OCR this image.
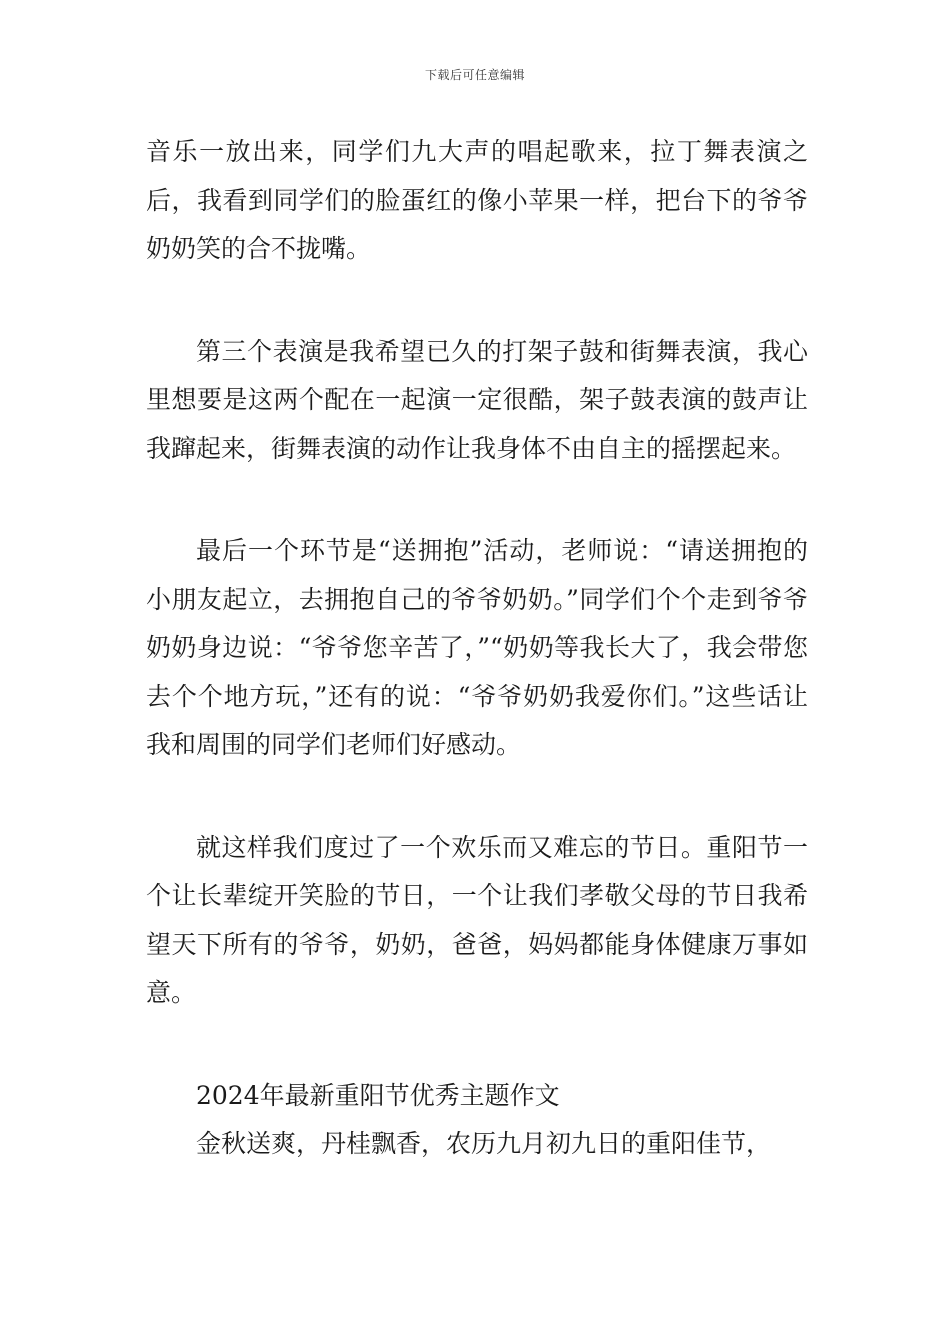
下载后可任意编辑

音乐一放出来，同学们九大声的唱起歌来，拉丁舞表演之后，我看到同学们的脸蛋红的像小苹果一样，把台下的爷爷奶奶笑的合不拢嘴。

第三个表演是我希望已久的打架子鼓和街舞表演，我心里想要是这两个配在一起演一定很酷，架子鼓表演的鼓声让我蹿起来，街舞表演的动作让我身体不由自主的摇摆起来。

最后一个环节是“送拥抱”活动，老师说：“请送拥抱的小朋友起立，去拥抱自己的爷爷奶奶。”同学们个个走到爷爷奶奶身边说：“爷爷您辛苦了，”“奶奶等我长大了，我会带您去个个地方玩，”还有的说：“爷爷奶奶我爱你们。”这些话让我和周围的同学们老师们好感动。

就这样我们度过了一个欢乐而又难忘的节日。重阳节一个让长辈绽开笑脸的节日，一个让我们孝敬父母的节日我希望天下所有的爷爷，奶奶，爸爸，妈妈都能身体健康万事如意。

2024年最新重阳节优秀主题作文

金秋送爽，丹桂飘香，农历九月初九日的重阳佳节，
